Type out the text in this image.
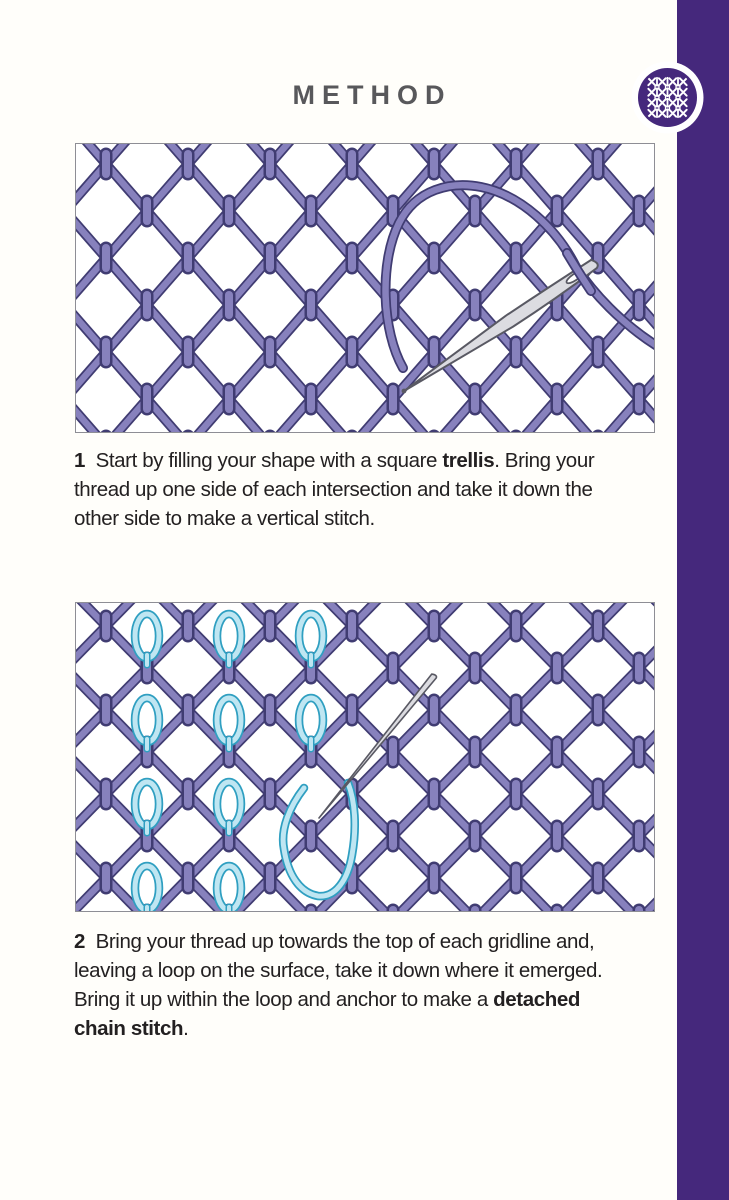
METHOD
1  Start by filling your shape with a square trellis. Bring your
thread up one side of each intersection and take it down the
other side to make a vertical stitch.
2  Bring your thread up towards the top of each gridline and,
leaving a loop on the surface, take it down where it emerged.
Bring it up within the loop and anchor to make a detached
chain stitch.
